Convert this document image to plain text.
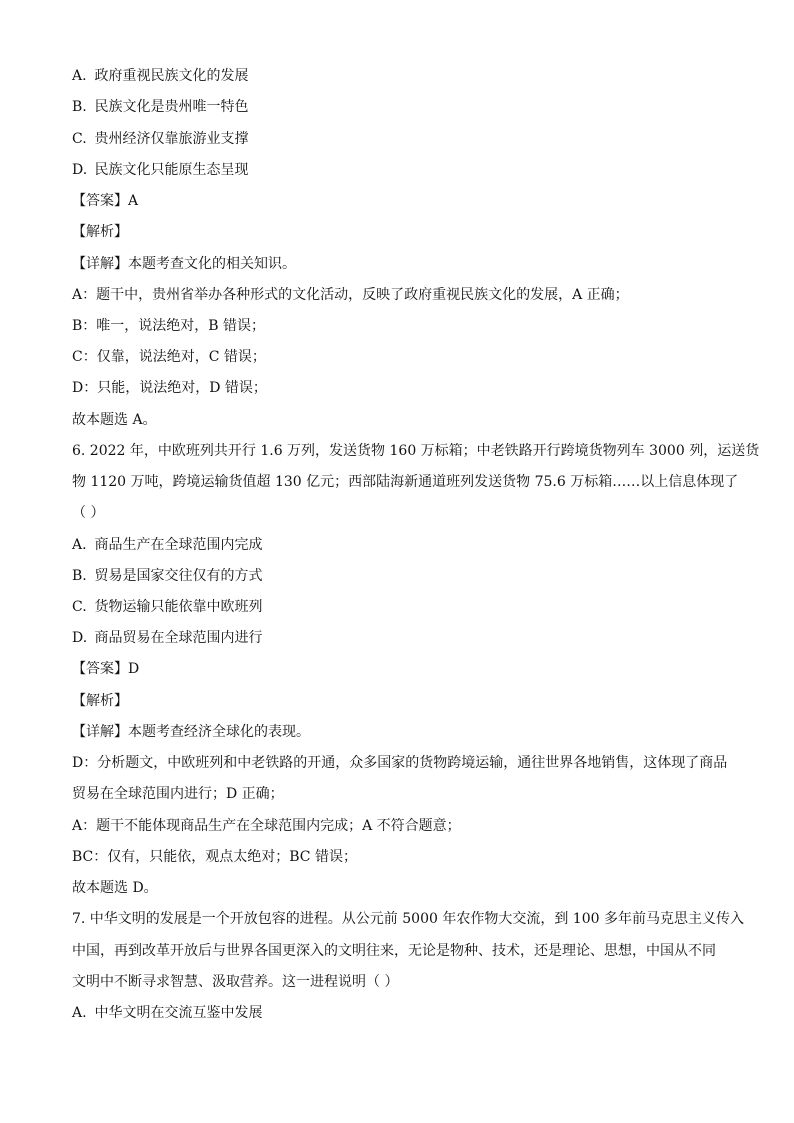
A. 政府重视民族文化的发展
B. 民族文化是贵州唯一特色
C. 贵州经济仅靠旅游业支撑
D. 民族文化只能原生态呈现
【答案】A
【解析】
【详解】本题考查文化的相关知识。
A：题干中，贵州省举办各种形式的文化活动，反映了政府重视民族文化的发展，A 正确；
B：唯一，说法绝对，B 错误；
C：仅靠，说法绝对，C 错误；
D：只能，说法绝对，D 错误；
故本题选 A。
6. 2022 年，中欧班列共开行 1.6 万列，发送货物 160 万标箱；中老铁路开行跨境货物列车 3000 列，运送货
物 1120 万吨，跨境运输货值超 130 亿元；西部陆海新通道班列发送货物 75.6 万标箱……以上信息体现了
（ ）
A. 商品生产在全球范围内完成
B. 贸易是国家交往仅有的方式
C. 货物运输只能依靠中欧班列
D. 商品贸易在全球范围内进行
【答案】D
【解析】
【详解】本题考查经济全球化的表现。
D：分析题文，中欧班列和中老铁路的开通，众多国家的货物跨境运输，通往世界各地销售，这体现了商品
贸易在全球范围内进行；D 正确；
A：题干不能体现商品生产在全球范围内完成；A 不符合题意；
BC：仅有，只能依，观点太绝对；BC 错误；
故本题选 D。
7. 中华文明的发展是一个开放包容的进程。从公元前 5000 年农作物大交流，到 100 多年前马克思主义传入
中国，再到改革开放后与世界各国更深入的文明往来，无论是物种、技术，还是理论、思想，中国从不同
文明中不断寻求智慧、汲取营养。这一进程说明（ ）
A. 中华文明在交流互鉴中发展
